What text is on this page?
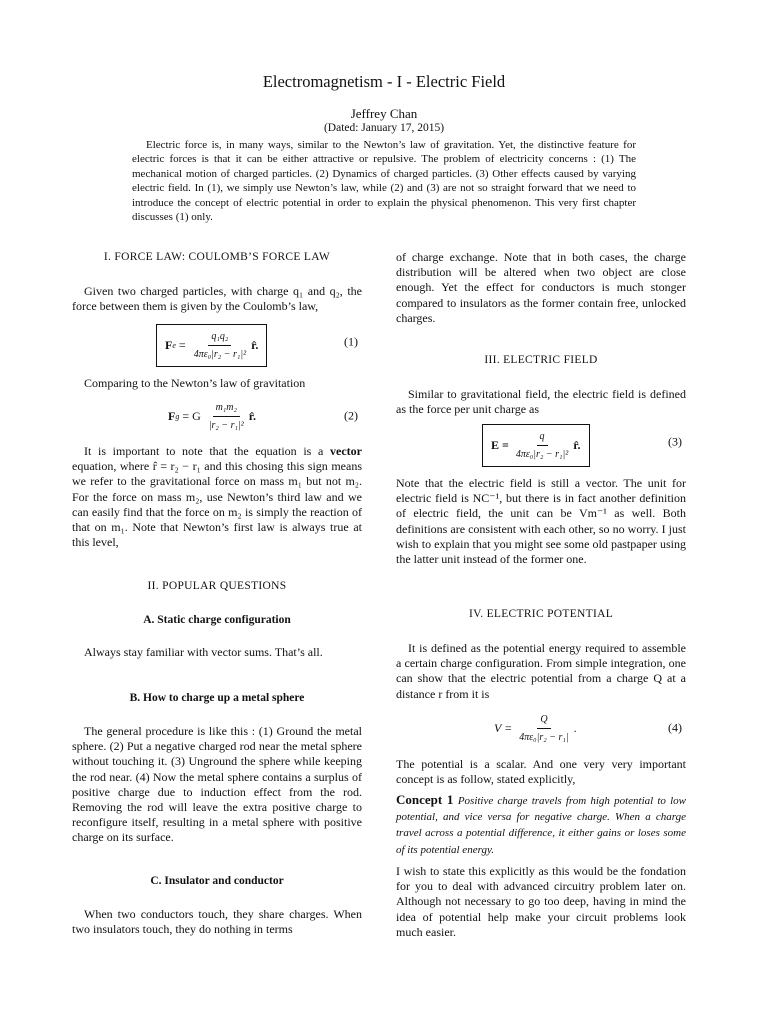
Electromagnetism - I - Electric Field
Jeffrey Chan
(Dated: January 17, 2015)
Electric force is, in many ways, similar to the Newton’s law of gravitation. Yet, the distinctive feature for electric forces is that it can be either attractive or repulsive. The problem of electricity concerns : (1) The mechanical motion of charged particles. (2) Dynamics of charged particles. (3) Other effects caused by varying electric field. In (1), we simply use Newton’s law, while (2) and (3) are not so straight forward that we need to introduce the concept of electric potential in order to explain the physical phenomenon. This very first chapter discusses (1) only.
I. FORCE LAW: COULOMB’S FORCE LAW

Given two charged particles, with charge q₁ and q₂, the force between them is given by the Coulomb’s law,

F $e = \frac{\text{q₁q₂}}{\text{4πε₀|r₂ − r₁|²}}$ r̂.	(1)

Comparing to the Newton’s law of gravitation

F g = G $\frac{\text{m₁m₂}}{\text{|r₂ − r₁|²}}$ r̂.	(2)

It is important to note that the equation is a vector equation, where r̂ = r₂ − r₁ and this chosing this sign means we refer to the gravitational force on mass m₁ but not m₂. For the force on mass m₂, use Newton’s third law and we can easily find that the force on m₂ is simply the reaction of that on m₁. Note that Newton’s first law is always true at this level,

II. POPULAR QUESTIONS
A. Static charge configuration

Always stay familiar with vector sums. That’s all.

B. How to charge up a metal sphere

The general procedure is like this : (1) Ground the metal sphere. (2) Put a negative charged rod near the metal sphere without touching it. (3) Unground the sphere while keeping the rod near. (4) Now the metal sphere contains a surplus of positive charge due to induction effect from the rod. Removing the rod will leave the extra positive charge to reconfigure itself, resulting in a metal sphere with positive charge on its surface.

C. Insulator and conductor

When two conductors touch, they share charges. When two insulators touch, they do nothing in terms

of charge exchange. Note that in both cases, the charge distribution will be altered when two object are close enough. Yet the effect for conductors is much stonger compared to insulators as the former contain free, unlocked charges.

III. ELECTRIC FIELD

Similar to gravitational field, the electric field is defined as the force per unit charge as

$E = \frac{q}{\text{4πε₀|r₂ − r₁|²}}$ r̂.	(3)

Note that the electric field is still a vector. The unit for electric field is NC⁻¹, but there is in fact another definition of electric field, the unit can be Vm⁻¹ as well. Both definitions are consistent with each other, so no worry. I just wish to explain that you might see some old pastpaper using the latter unit instead of the former one.

IV. ELECTRIC POTENTIAL

It is defined as the potential energy required to assemble a certain charge configuration. From simple integration, one can show that the electric potential from a charge Q at a distance r from it is

$V = \frac{Q}{\text{4πε₀|r₂ − r₁|}}$ .	(4)

The potential is a scalar. And one very very important concept is as follow, stated explicitly,

Concept 1 Positive charge travels from high potential to low potential, and vice versa for negative charge. When a charge travel across a potential difference, it either gains or loses some of its potential energy.

I wish to state this explicitly as this would be the fondation for you to deal with advanced circuitry problem later on. Although not necessary to go too deep, having in mind the idea of potential help make your circuit problems look much easier.
